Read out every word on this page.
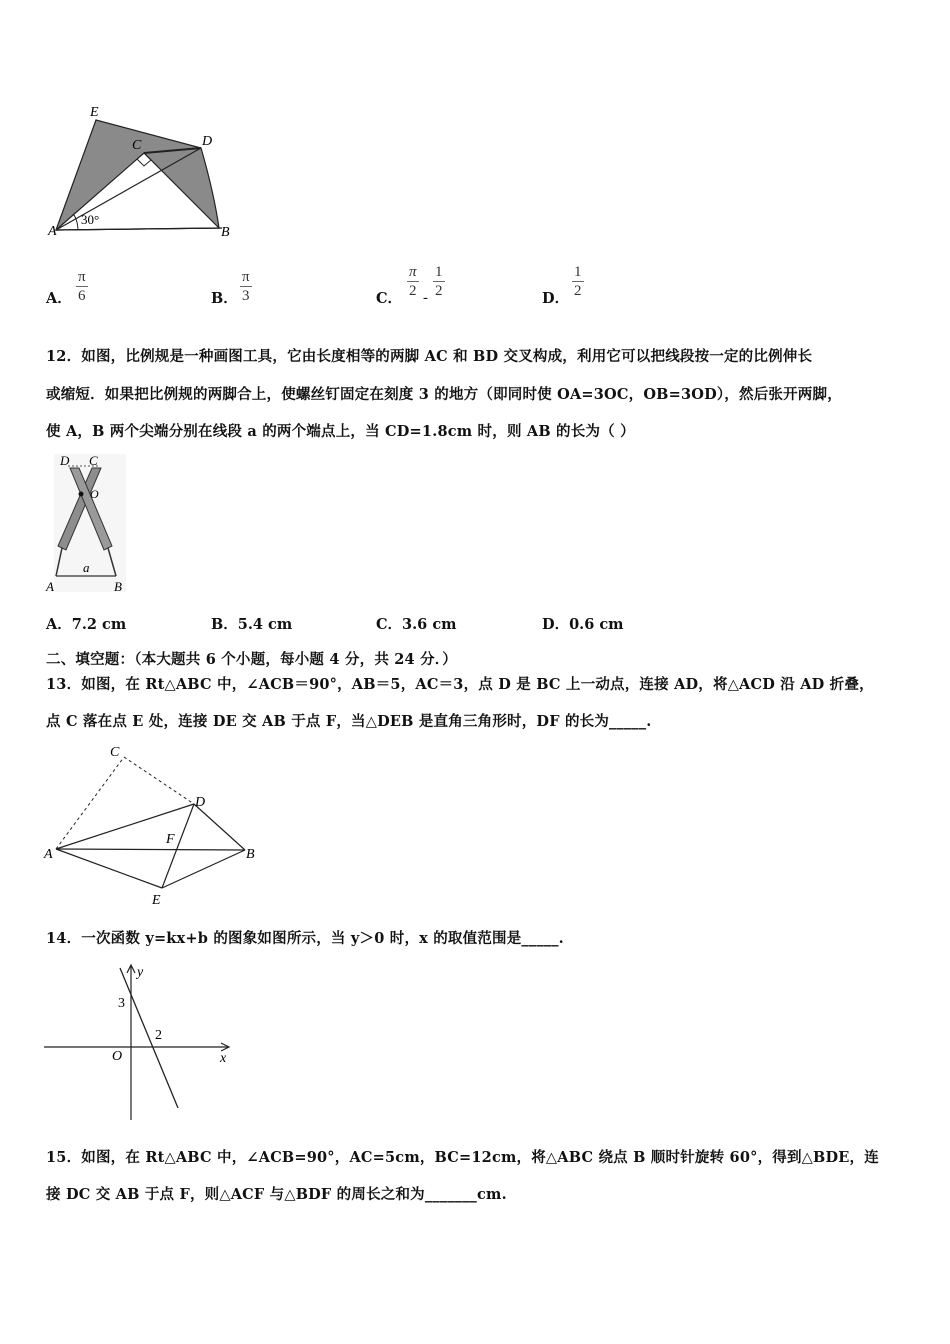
E
C	D
A	B
30°
A． $\frac{\pi}{6}$	B． $\frac{\pi}{3}$	C． $\frac{\pi}{2} - \frac{1}{2}$	D． $\frac{1}{2}$
12．如图，比例规是一种画图工具，它由长度相等的两脚 AC 和 BD 交叉构成，利用它可以把线段按一定的比例伸长
或缩短．如果把比例规的两脚合上，使螺丝钉固定在刻度 3 的地方（即同时使 OA=3OC，OB=3OD），然后张开两脚，
使 A，B 两个尖端分别在线段 a 的两个端点上，当 CD=1.8cm 时，则 AB 的长为（ ）
D C
O
A
a
B
A．7.2 cm	B．5.4 cm	C．3.6 cm	D．0.6 cm
二、填空题：（本大题共 6 个小题，每小题 4 分，共 24 分．）
13．如图，在 Rt△ABC 中，∠ACB＝90°，AB＝5，AC＝3，点 D 是 BC 上一动点，连接 AD，将△ACD 沿 AD 折叠，
点 C 落在点 E 处，连接 DE 交 AB 于点 F，当△DEB 是直角三角形时，DF 的长为_____.
C
D
A
F
B
E
14．一次函数 y=kx+b 的图象如图所示，当 y＞0 时，x 的取值范围是_____.
y
x
O
3
2
15．如图，在 Rt△ABC 中，∠ACB=90°，AC=5cm，BC=12cm，将△ABC 绕点 B 顺时针旋转 60°，得到△BDE，连
接 DC 交 AB 于点 F，则△ACF 与△BDF 的周长之和为_______cm.
